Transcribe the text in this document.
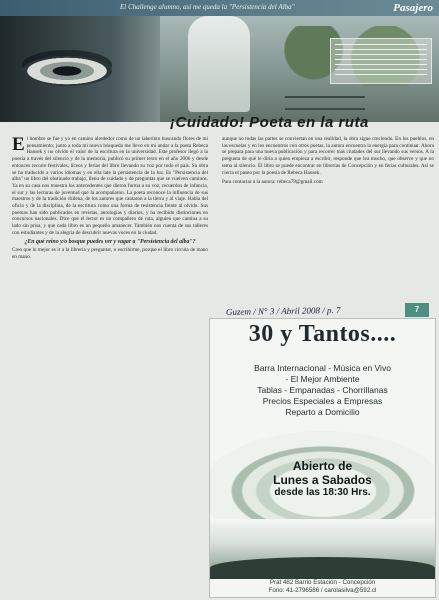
El Challenge alumno, así me queda la "Persistencia del Alba"	Pasajero
¡Cuidado! Poeta en la ruta
E l hombre se fue y yo en camino alrededor como de un laberinto buscando flores de mi pensamiento; junto a toda mi nueva búsqueda me llevo en mi andar a la poeta Rebeca Hausek y no olvido el valor de la escritura en la universidad. Este profesor llegó a la poesía a través del silencio y de la memoria, publicó su primer texto en el año 2006 y desde entonces recorre festivales, liceos y ferias del libro llevando su voz por todo el país. Su obra se ha traducido a varios idiomas y en ella late la persistencia de la luz. Es "Persistencia del alba" un libro del obstinado trabajo, lleno de cuidado y de preguntas que se vuelven caminos. Ya en su casa nos muestra los antecedentes que dieron forma a su voz, recuerdos de infancia, el sur y las lecturas de juventud que la acompañaron. La poeta reconoce la influencia de sus maestros y de la tradición chilena, de los autores que cantaron a la tierra y al viaje. Habla del oficio y de la disciplina, de la escritura como una forma de resistencia frente al olvido. Sus poemas han sido publicados en revistas, antologías y diarios, y ha recibido distinciones en concursos nacionales. Dice que el lector es un compañero de ruta, alguien que camina a su lado sin prisa, y que cada libro es un pequeño amanecer. También nos cuenta de sus talleres con estudiantes y de la alegría de descubrir nuevas voces en la ciudad.
¿En qué reino y/o bosque puedes ver y vagar a "Persistencia del alba"?
Creo que lo mejor es ir a la librería y preguntar, o escribirme, porque el libro circula de mano en mano.
aunque no todas las partes se conviertan en una realidad, la obra sigue creciendo. En los pueblos, en las escuelas y en los encuentros con otros poetas, la autora encuentra la energía para continuar. Ahora se prepara para una nueva publicación y para recorrer más ciudades del sur llevando sus versos. A la pregunta de qué le diría a quien empieza a escribir, responde que lea mucho, que observe y que no tema al silencio. El libro se puede encontrar en librerías de Concepción y en ferias culturales. Así se cierra el paseo por la poesía de Rebeca Hausek.
Para contactar a la autora: rebeca79@gmail.com
Guzem / N° 3 / Abril 2008 / p. 7	7
30 y Tantos....
Barra Internacional - Música en Vivo
- El Mejor Ambiente
Tablas - Empanadas - Chorrillanas
Precios Especiales a Empresas
Reparto a Domicilio
Abierto de
Lunes a Sabados
desde las 18:30 Hrs.
Prat 482 Barrio Estación - Concepción
Fono: 41-2796586 / carolasilva@592.cl
